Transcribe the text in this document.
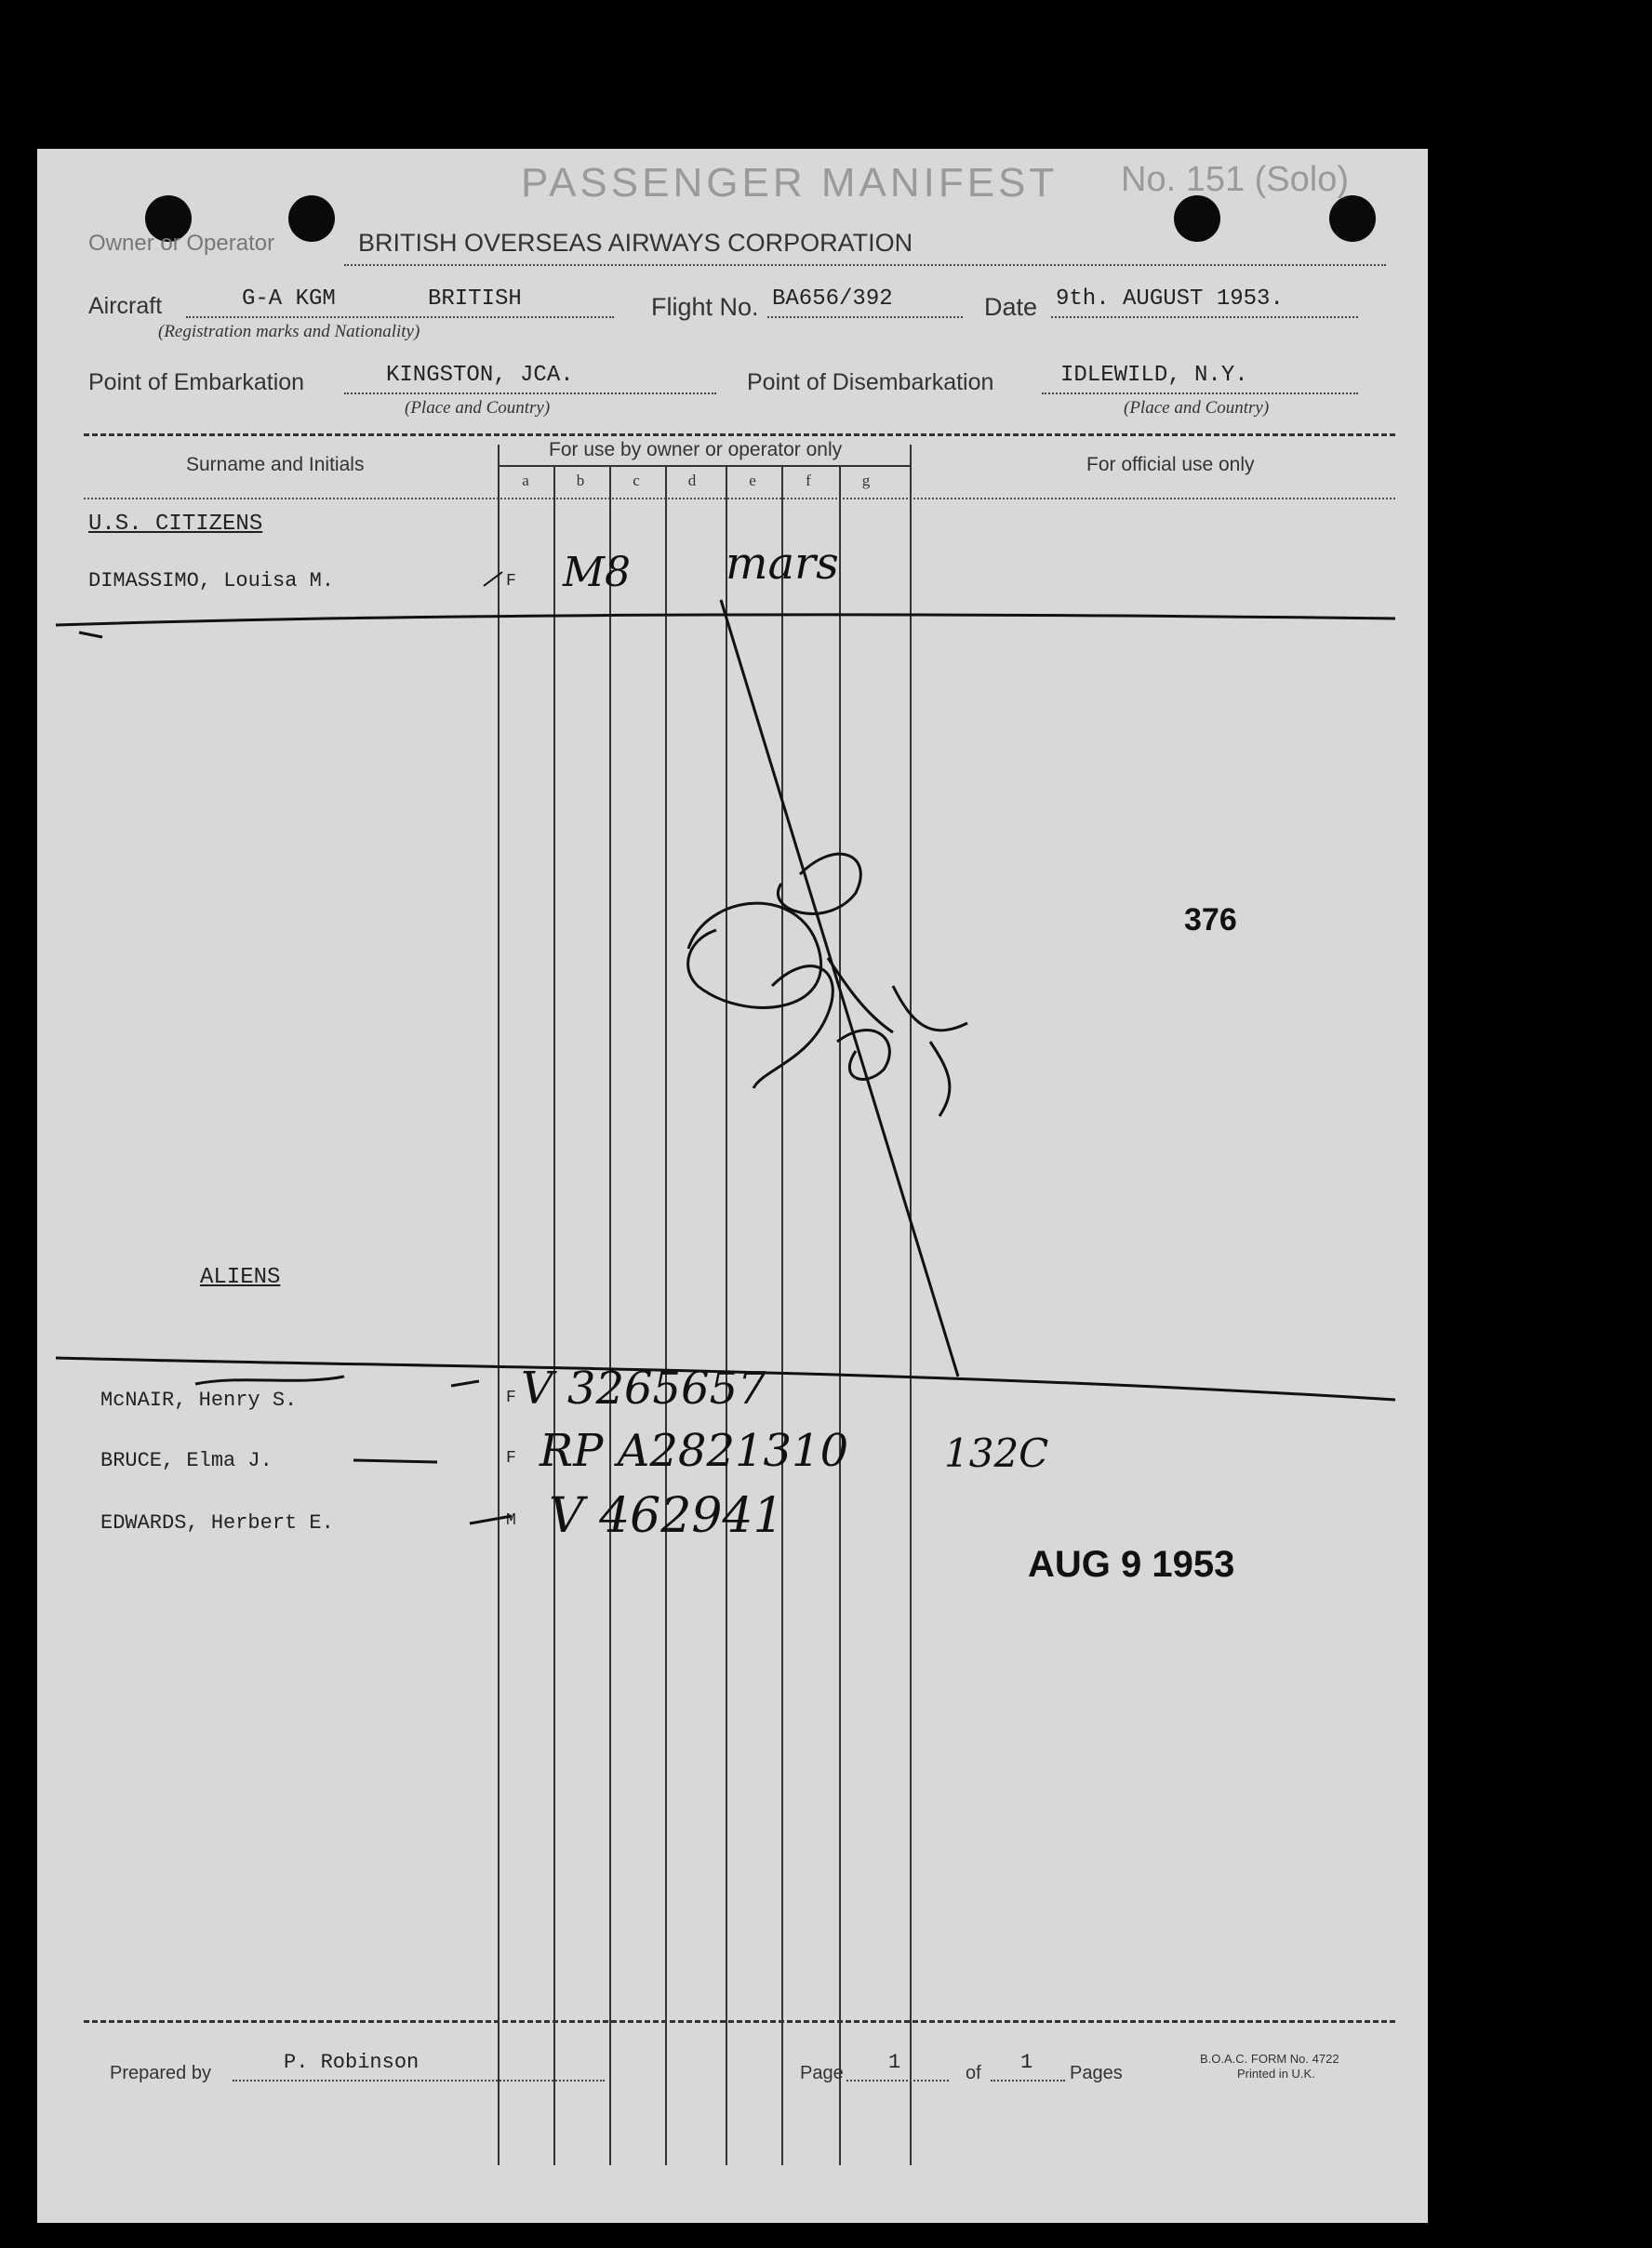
PASSENGER MANIFEST No. 151 (Solo)
Owner or Operator	BRITISH OVERSEAS AIRWAYS CORPORATION
Aircraft	G-A KGM	BRITISH
(Registration marks and Nationality)
Flight No. BA656/392	Date 9th. AUGUST 1953.
Point of Embarkation	KINGSTON, JCA.
(Place and Country)
Point of Disembarkation	IDLEWILD, N.Y.
(Place and Country)
Surname and Initials
For use by owner or operator only
For official use only
a	b	c	d	e	f	g
U.S. CITIZENS
DIMASSIMO, Louisa M.	F M8 mars
376
ALIENS
McNAIR, Henry S.	F V 3265657
BRUCE, Elma J.	F RP A2821310 132C
EDWARDS, Herbert E.	M V 462941
AUG 9 1953
Prepared by	P. Robinson	Page 1	of 1 Pages
B.O.A.C. FORM No. 4722
Printed in U.K.
